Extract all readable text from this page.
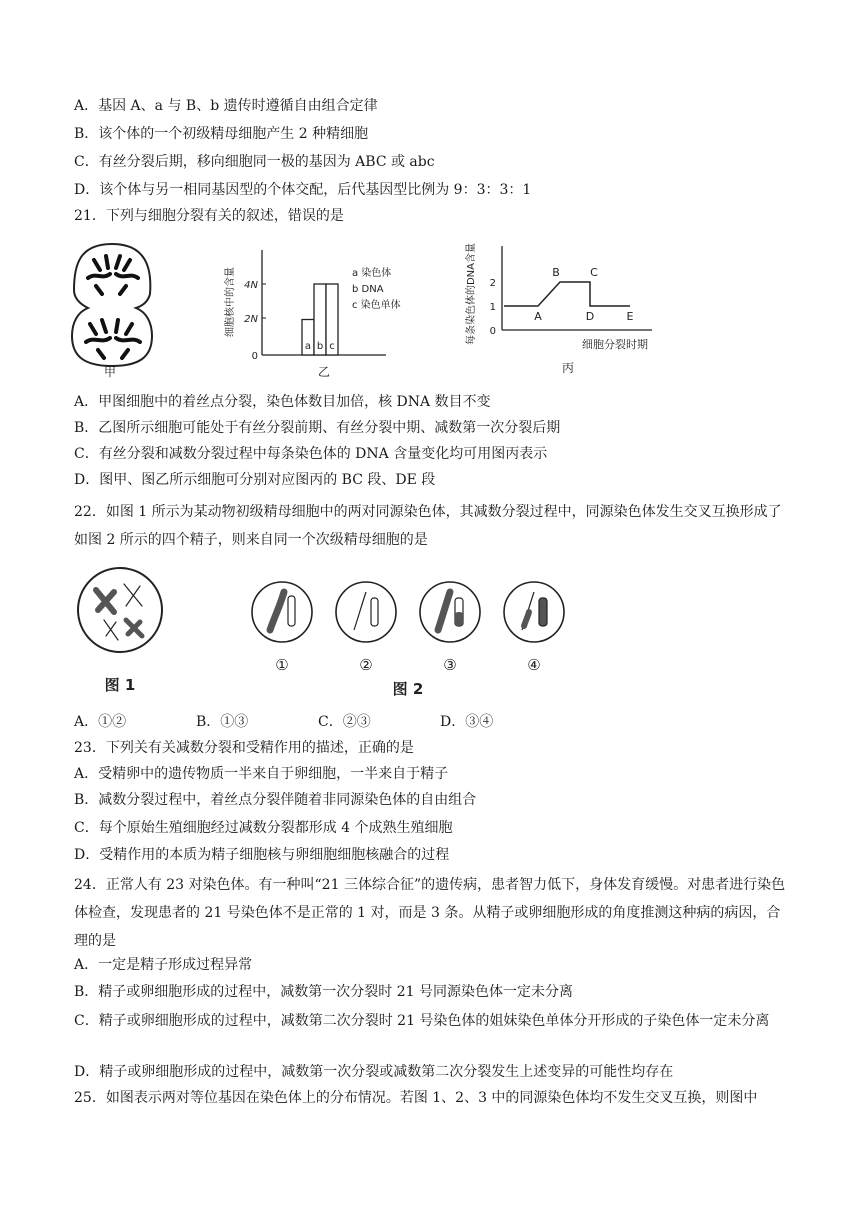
A．基因 A、a 与 B、b 遗传时遵循自由组合定律
B．该个体的一个初级精母细胞产生 2 种精细胞
C．有丝分裂后期，移向细胞同一极的基因为 ABC 或 abc
D．该个体与另一相同基因型的个体交配，后代基因型比例为 9：3：3：1
21．下列与细胞分裂有关的叙述，错误的是
甲
细胞核中的含量 4N
2N
0
a b c
a 染色体
b DNA
c 染色单体
乙
每条染色体的DNA含量 2
1
0
A
B	C
D	E
细胞分裂时期
丙
A．甲图细胞中的着丝点分裂，染色体数目加倍，核 DNA 数目不变
B．乙图所示细胞可能处于有丝分裂前期、有丝分裂中期、减数第一次分裂后期
C．有丝分裂和减数分裂过程中每条染色体的 DNA 含量变化均可用图丙表示
D．图甲、图乙所示细胞可分别对应图丙的 BC 段、DE 段
22．如图 1 所示为某动物初级精母细胞中的两对同源染色体，其减数分裂过程中，同源染色体发生交叉互换形成了如图 2 所示的四个精子，则来自同一个次级精母细胞的是
图 1
①	②	③	④
图 2
A．①②	B．①③	C．②③	D．③④
23．下列关有关减数分裂和受精作用的描述，正确的是
A．受精卵中的遗传物质一半来自于卵细胞，一半来自于精子
B．减数分裂过程中，着丝点分裂伴随着非同源染色体的自由组合
C．每个原始生殖细胞经过减数分裂都形成 4 个成熟生殖细胞
D．受精作用的本质为精子细胞核与卵细胞细胞核融合的过程
24．正常人有 23 对染色体。有一种叫“21 三体综合征”的遗传病，患者智力低下，身体发育缓慢。对患者进行染色体检查，发现患者的 21 号染色体不是正常的 1 对，而是 3 条。从精子或卵细胞形成的角度推测这种病的病因，合理的是
A．一定是精子形成过程异常
B．精子或卵细胞形成的过程中，减数第一次分裂时 21 号同源染色体一定未分离
C．精子或卵细胞形成的过程中，减数第二次分裂时 21 号染色体的姐妹染色单体分开形成的子染色体一定未分离
D．精子或卵细胞形成的过程中，减数第一次分裂或减数第二次分裂发生上述变异的可能性均存在
25．如图表示两对等位基因在染色体上的分布情况。若图 1、2、3 中的同源染色体均不发生交叉互换，则图中
